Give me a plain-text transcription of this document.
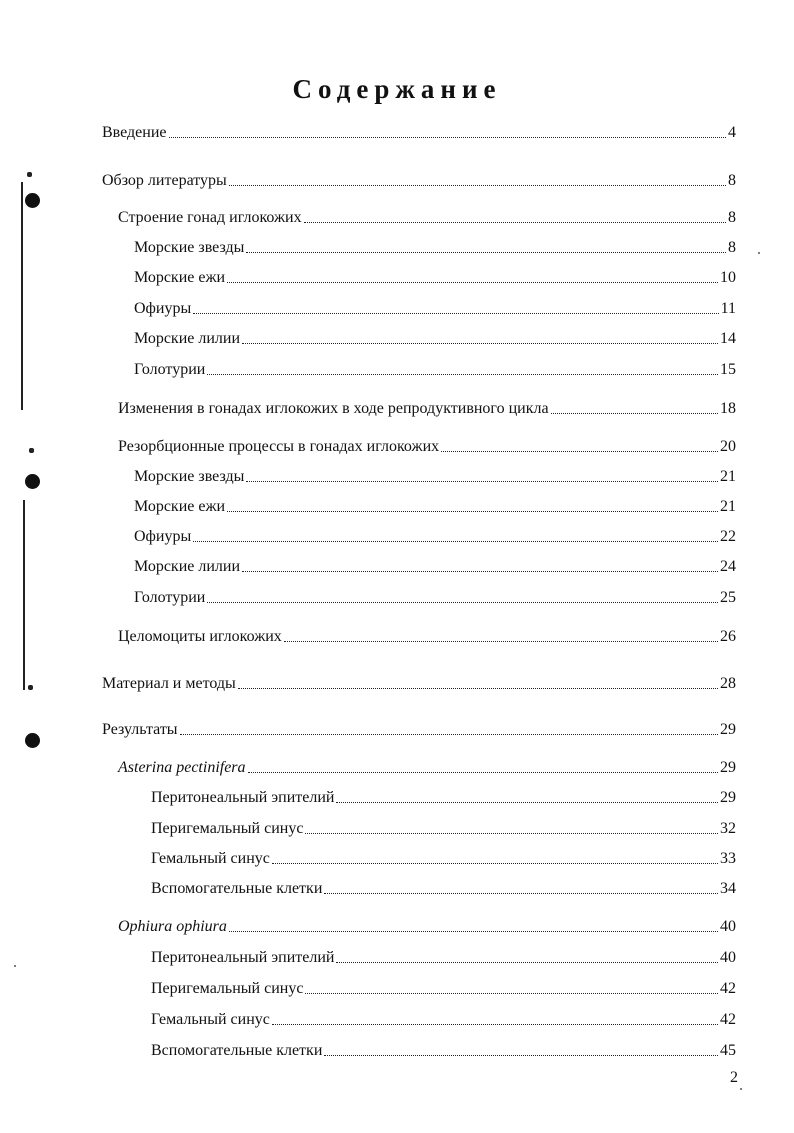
Содержание
Введение	4
Обзор литературы	8
Строение гонад иглокожих	8
Морские звезды	8
Морские ежи	10
Офиуры	11
Морские лилии	14
Голотурии	15
Изменения в гонадах иглокожих в ходе репродуктивного цикла	18
Резорбционные процессы в гонадах иглокожих	20
Морские звезды	21
Морские ежи	21
Офиуры	22
Морские лилии	24
Голотурии	25
Целомоциты иглокожих	26
Материал и методы	28
Результаты	29
Asterina pectinifera	29
Перитонеальный эпителий	29
Перигемальный синус	32
Гемальный синус	33
Вспомогательные клетки	34
Ophiura ophiura	40
Перитонеальный эпителий	40
Перигемальный синус	42
Гемальный синус	42
Вспомогательные клетки	45
2
